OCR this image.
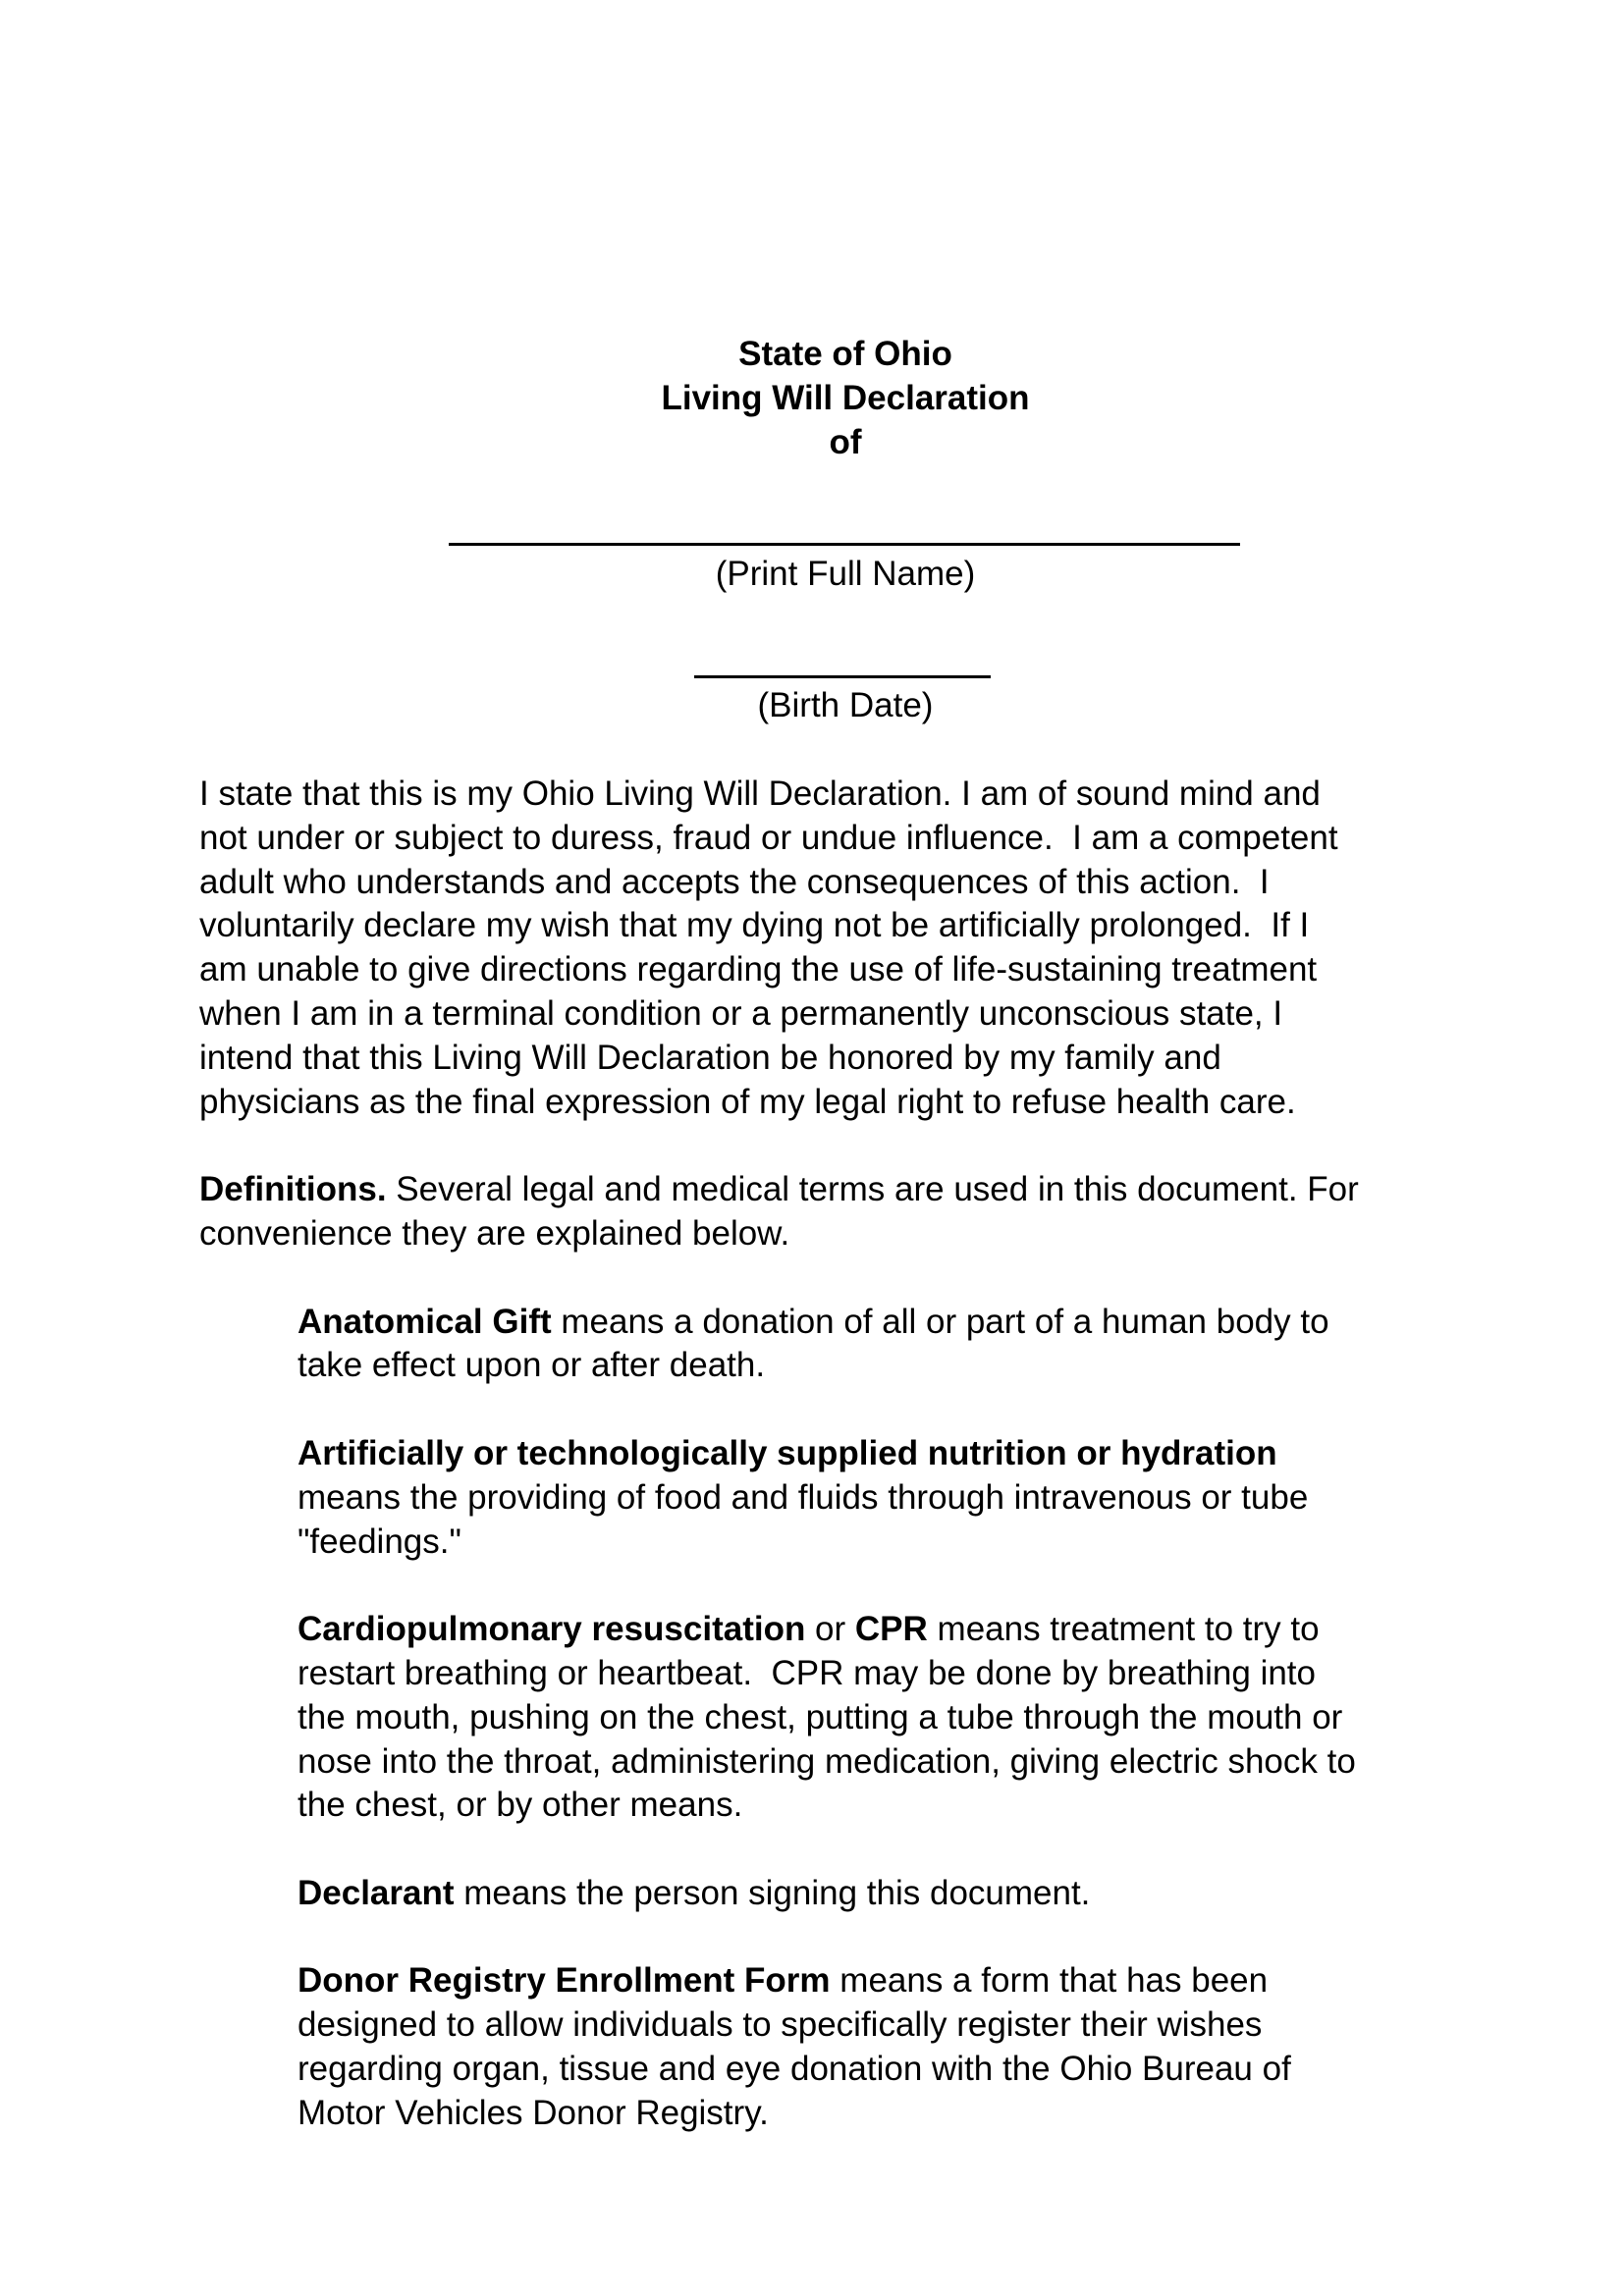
State of Ohio
Living Will Declaration
of

(Print Full Name)

(Birth Date)
I state that this is my Ohio Living Will Declaration. I am of sound mind and
not under or subject to duress, fraud or undue influence.  I am a competent
adult who understands and accepts the consequences of this action.  I
voluntarily declare my wish that my dying not be artificially prolonged.  If I
am unable to give directions regarding the use of life-sustaining treatment
when I am in a terminal condition or a permanently unconscious state, I
intend that this Living Will Declaration be honored by my family and
physicians as the final expression of my legal right to refuse health care.
Definitions. Several legal and medical terms are used in this document. For
convenience they are explained below.
Anatomical Gift means a donation of all or part of a human body to
take effect upon or after death.
Artificially or technologically supplied nutrition or hydration
means the providing of food and fluids through intravenous or tube
"feedings."
Cardiopulmonary resuscitation or CPR means treatment to try to
restart breathing or heartbeat.  CPR may be done by breathing into
the mouth, pushing on the chest, putting a tube through the mouth or
nose into the throat, administering medication, giving electric shock to
the chest, or by other means.
Declarant means the person signing this document.
Donor Registry Enrollment Form means a form that has been
designed to allow individuals to specifically register their wishes
regarding organ, tissue and eye donation with the Ohio Bureau of
Motor Vehicles Donor Registry.
